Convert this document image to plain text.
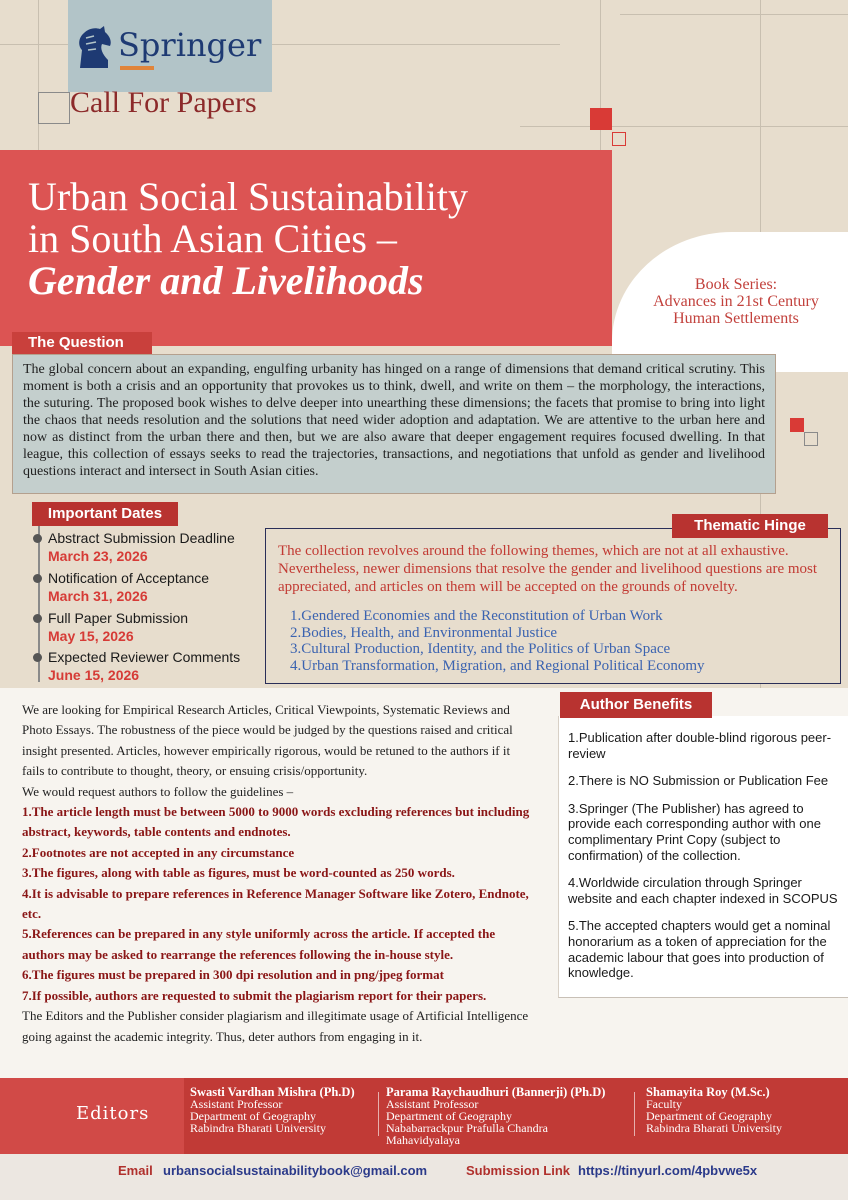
Springer
Call For Papers
Urban Social Sustainability
in South Asian Cities –
Gender and Livelihoods	Book Series:
Advances in 21st Century
Human Settlements

The global concern about an expanding, engulfing urbanity has hinged on a range of dimensions that demand critical scrutiny. This moment is both a crisis and an opportunity that provokes us to think, dwell, and write on them – the morphology, the interactions, the suturing. The proposed book wishes to delve deeper into unearthing these dimensions; the facets that promise to bring into light the chaos that needs resolution and the solutions that need wider adoption and adaptation. We are attentive to the urban here and now as distinct from the urban there and then, but we are also aware that deeper engagement requires focused dwelling. In that league, this collection of essays seeks to read the trajectories, transactions, and negotiations that unfold as gender and livelihood questions interact and intersect in South Asian cities.

The Question
Important Dates
Abstract Submission Deadline
March 23, 2026
Notification of Acceptance
March 31, 2026
Full Paper Submission
May 15, 2026
Expected Reviewer Comments
June 15, 2026
Thematic Hinge

The collection revolves around the following themes, which are not at all exhaustive. Nevertheless, newer dimensions that resolve the gender and livelihood questions are most appreciated, and articles on them will be accepted on the grounds of novelty.

1.Gendered Economies and the Reconstitution of Urban Work
2.Bodies, Health, and Environmental Justice
3.Cultural Production, Identity, and the Politics of Urban Space
4.Urban Transformation, Migration, and Regional Political Economy

We are looking for Empirical Research Articles, Critical Viewpoints, Systematic Reviews and Photo Essays. The robustness of the piece would be judged by the questions raised and critical insight presented. Articles, however empirically rigorous, would be retuned to the authors if it fails to contribute to thought, theory, or ensuing crisis/opportunity.

We would request authors to follow the guidelines –

1.The article length must be between 5000 to 9000 words excluding references but including abstract, keywords, table contents and endnotes.

2.Footnotes are not accepted in any circumstance

3.The figures, along with table as figures, must be word-counted as 250 words.

4.It is advisable to prepare references in Reference Manager Software like Zotero, Endnote, etc.

5.References can be prepared in any style uniformly across the article. If accepted the authors may be asked to rearrange the references following the in-house style.

6.The figures must be prepared in 300 dpi resolution and in png/jpeg format

7.If possible, authors are requested to submit the plagiarism report for their papers.

The Editors and the Publisher consider plagiarism and illegitimate usage of Artificial Intelligence going against the academic integrity. Thus, deter authors from engaging in it.

Author Benefits

1.Publication after double-blind rigorous peer-review

2.There is NO Submission or Publication Fee

3.Springer (The Publisher) has agreed to provide each corresponding author with one complimentary Print Copy (subject to confirmation) of the collection.

4.Worldwide circulation through Springer website and each chapter indexed in SCOPUS

5.The accepted chapters would get a nominal honorarium as a token of appreciation for the academic labour that goes into production of knowledge.

Editors
Swasti Vardhan Mishra (Ph.D)
Assistant Professor
Department of Geography
Rabindra Bharati University
Parama Raychaudhuri (Bannerji) (Ph.D)
Assistant Professor
Department of Geography
Nababarrackpur Prafulla Chandra
Mahavidyalaya
Shamayita Roy (M.Sc.)
Faculty
Department of Geography
Rabindra Bharati University
Email urbansocialsustainabilitybook@gmail.com	Submission Link https://tinyurl.com/4pbvwe5x
